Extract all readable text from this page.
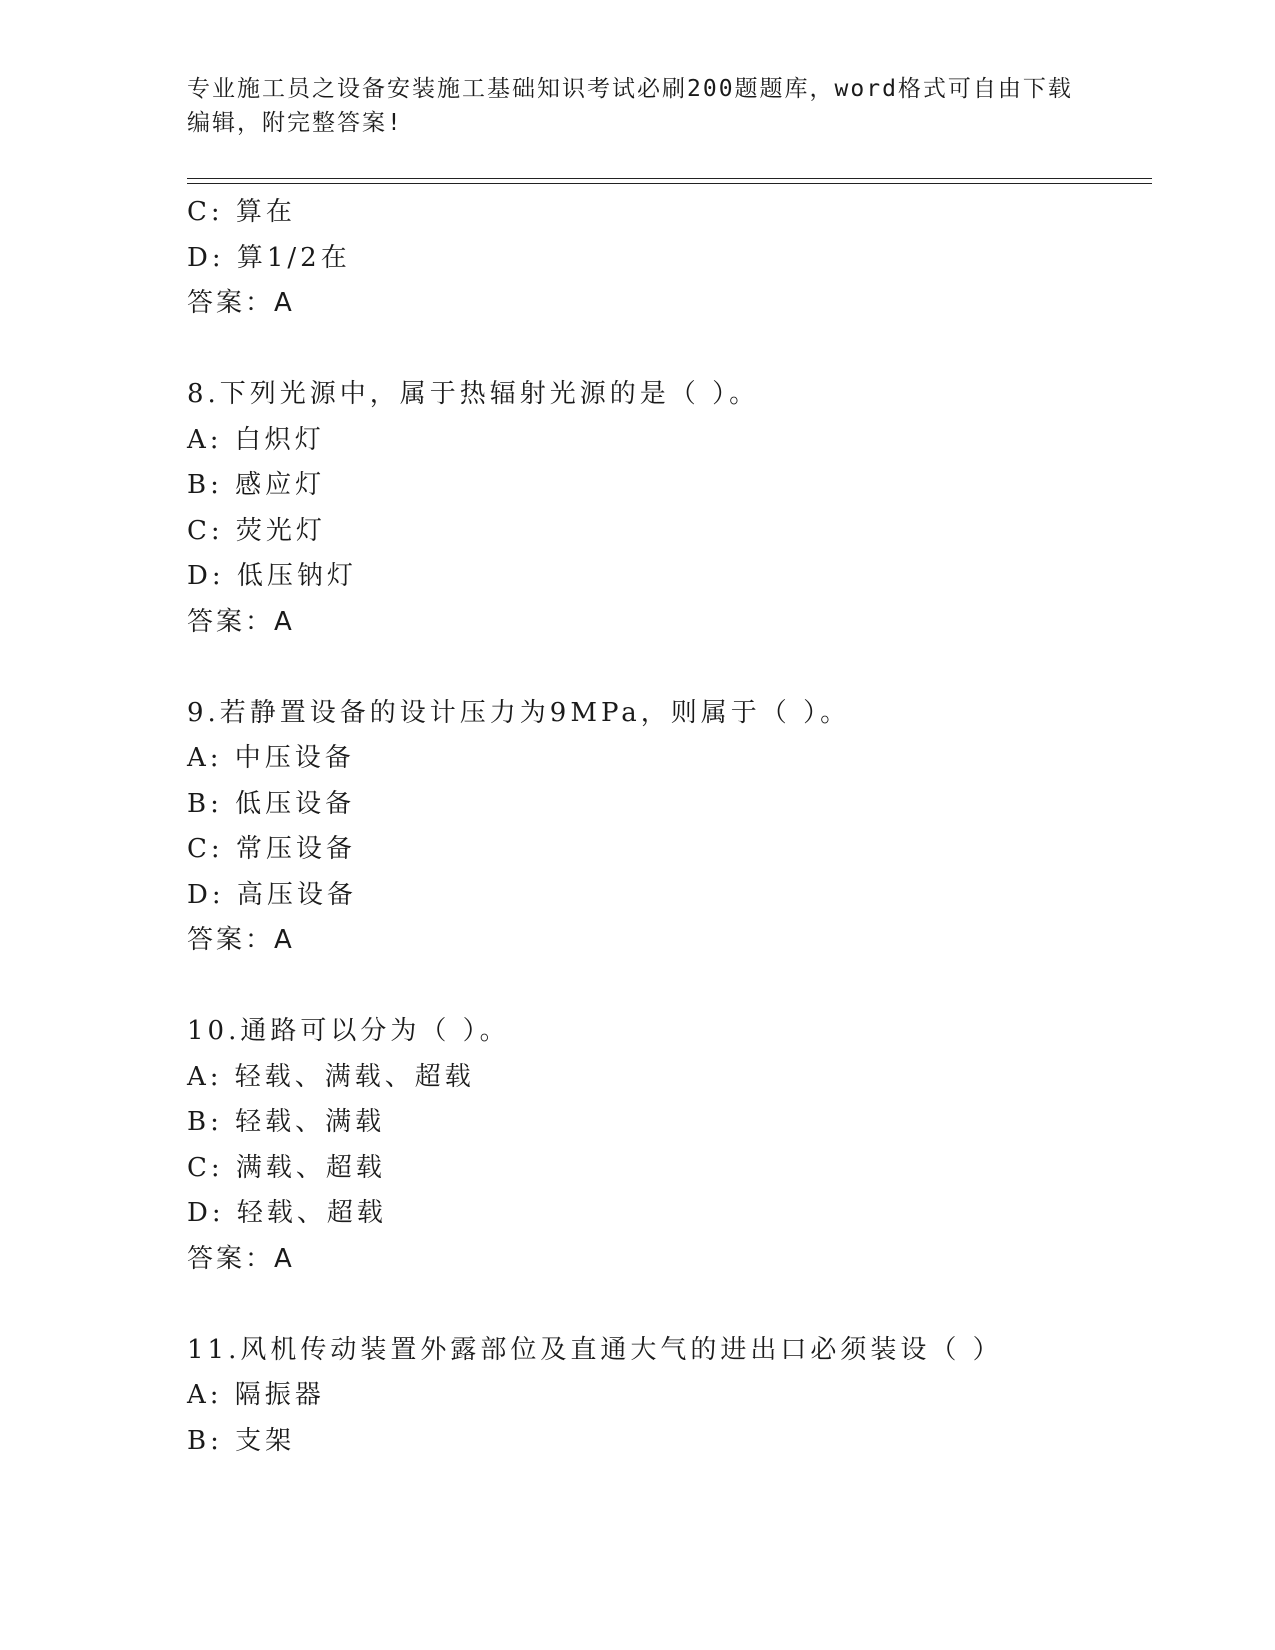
专业施工员之设备安装施工基础知识考试必刷200题题库，word格式可自由下载
编辑，附完整答案!
C: 算在
D: 算1/2在
答案：A
8.下列光源中，属于热辐射光源的是（ ）。
A: 白炽灯
B: 感应灯
C: 荧光灯
D: 低压钠灯
答案：A
9.若静置设备的设计压力为9MPa，则属于（ ）。
A: 中压设备
B: 低压设备
C: 常压设备
D: 高压设备
答案：A
10.通路可以分为（ ）。
A: 轻载、满载、超载
B: 轻载、满载
C: 满载、超载
D: 轻载、超载
答案：A
11.风机传动装置外露部位及直通大气的进出口必须装设（ ）
A: 隔振器
B: 支架
